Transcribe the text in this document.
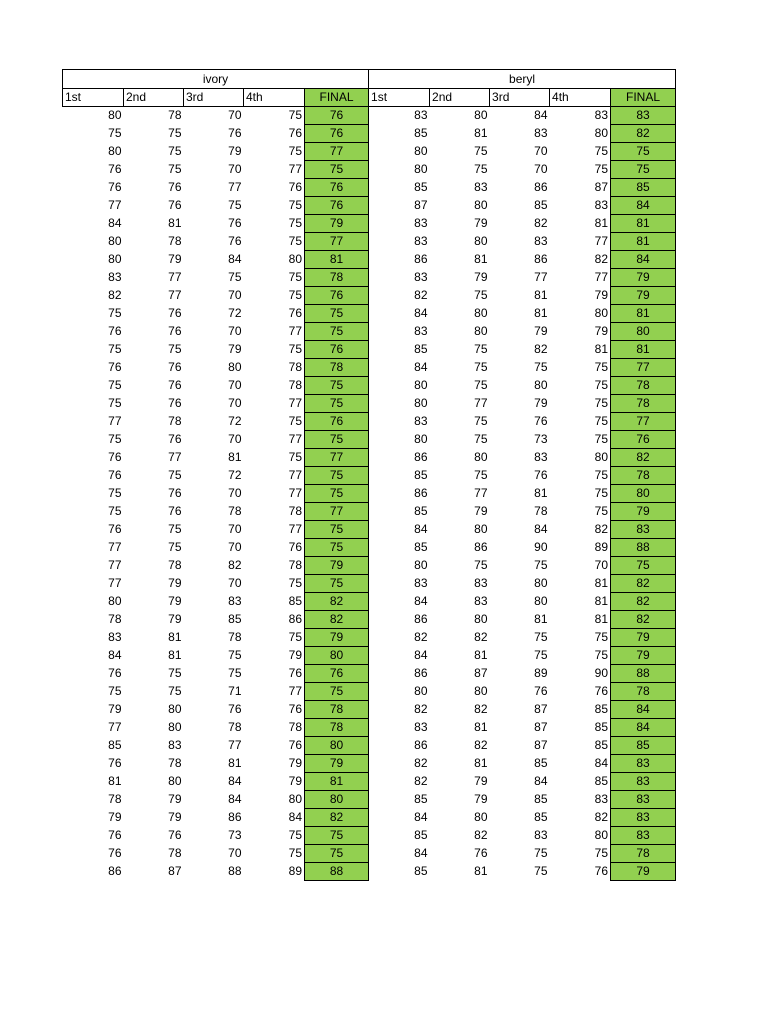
ivory					beryl				
1st	2nd	3rd	4th	FINAL	1st	2nd	3rd	4th	FINAL
80	78	70	75	76	83	80	84	83	83
75	75	76	76	76	85	81	83	80	82
80	75	79	75	77	80	75	70	75	75
76	75	70	77	75	80	75	70	75	75
76	76	77	76	76	85	83	86	87	85
77	76	75	75	76	87	80	85	83	84
84	81	76	75	79	83	79	82	81	81
80	78	76	75	77	83	80	83	77	81
80	79	84	80	81	86	81	86	82	84
83	77	75	75	78	83	79	77	77	79
82	77	70	75	76	82	75	81	79	79
75	76	72	76	75	84	80	81	80	81
76	76	70	77	75	83	80	79	79	80
75	75	79	75	76	85	75	82	81	81
76	76	80	78	78	84	75	75	75	77
75	76	70	78	75	80	75	80	75	78
75	76	70	77	75	80	77	79	75	78
77	78	72	75	76	83	75	76	75	77
75	76	70	77	75	80	75	73	75	76
76	77	81	75	77	86	80	83	80	82
76	75	72	77	75	85	75	76	75	78
75	76	70	77	75	86	77	81	75	80
75	76	78	78	77	85	79	78	75	79
76	75	70	77	75	84	80	84	82	83
77	75	70	76	75	85	86	90	89	88
77	78	82	78	79	80	75	75	70	75
77	79	70	75	75	83	83	80	81	82
80	79	83	85	82	84	83	80	81	82
78	79	85	86	82	86	80	81	81	82
83	81	78	75	79	82	82	75	75	79
84	81	75	79	80	84	81	75	75	79
76	75	75	76	76	86	87	89	90	88
75	75	71	77	75	80	80	76	76	78
79	80	76	76	78	82	82	87	85	84
77	80	78	78	78	83	81	87	85	84
85	83	77	76	80	86	82	87	85	85
76	78	81	79	79	82	81	85	84	83
81	80	84	79	81	82	79	84	85	83
78	79	84	80	80	85	79	85	83	83
79	79	86	84	82	84	80	85	82	83
76	76	73	75	75	85	82	83	80	83
76	78	70	75	75	84	76	75	75	78
86	87	88	89	88	85	81	75	76	79
